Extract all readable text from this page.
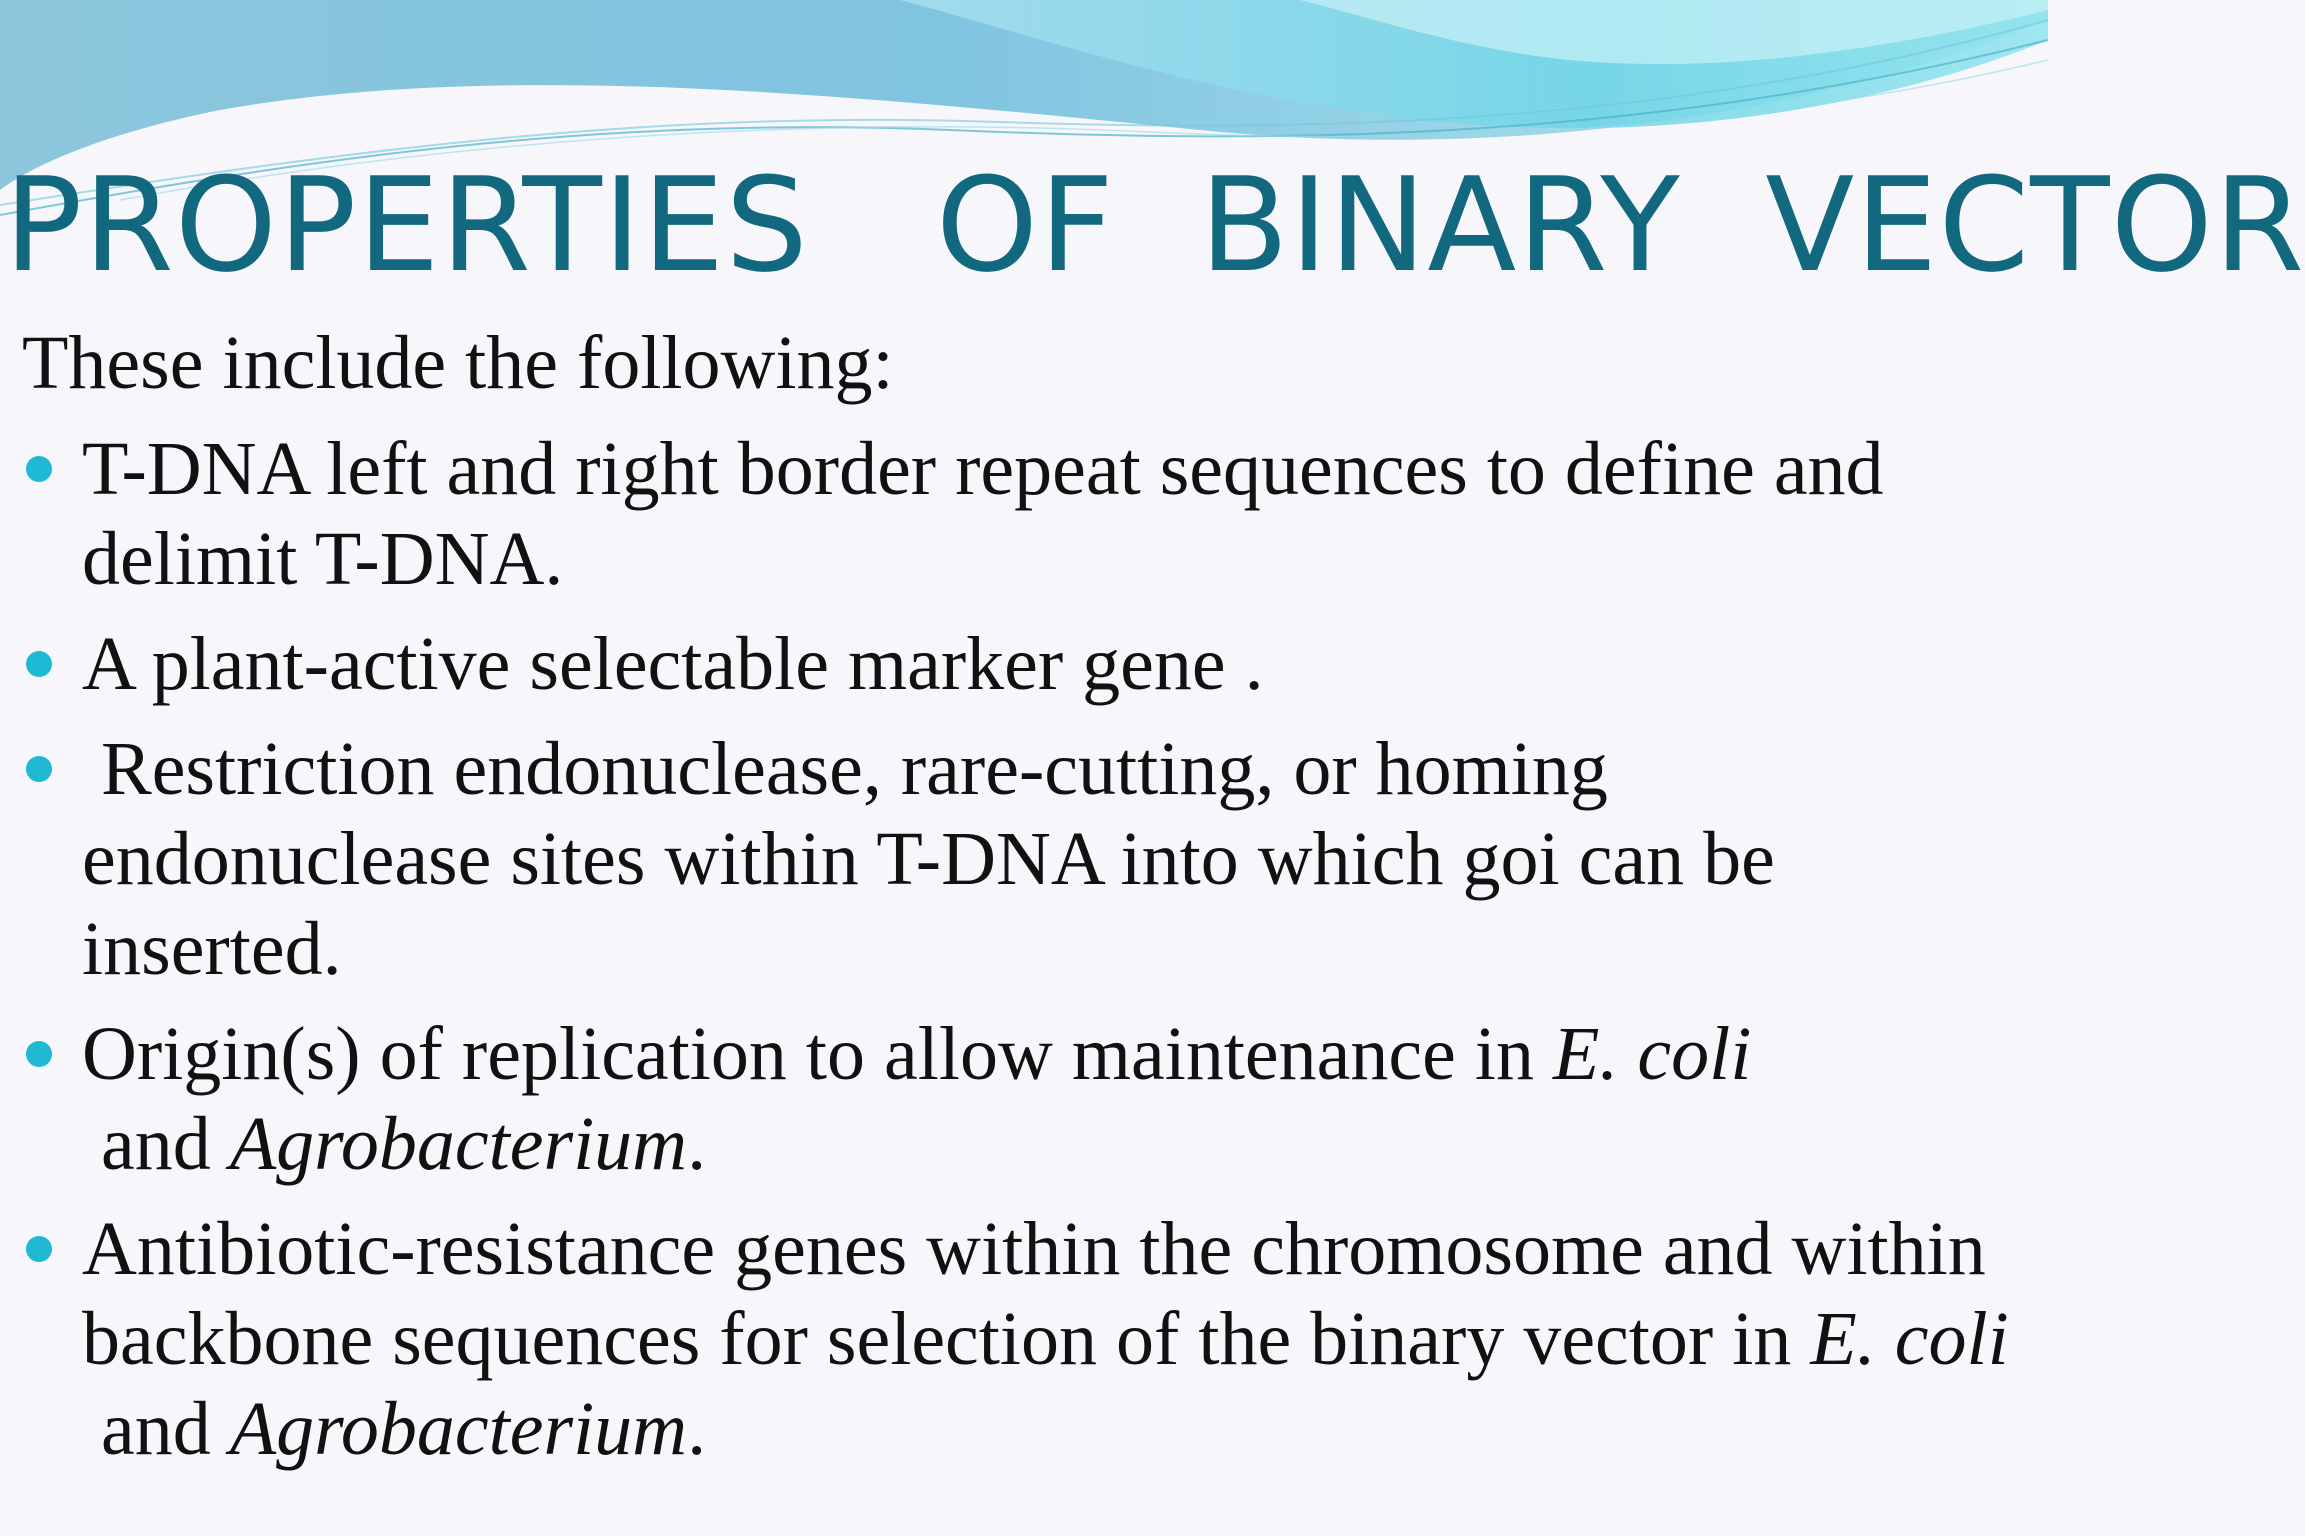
PROPERTIES   OF  BINARY  VECTOR

These include the following:

T-DNA left and right border repeat sequences to define and delimit T-DNA.
A plant-active selectable marker gene .
Restriction endonuclease, rare-cutting, or homing endonuclease sites within T-DNA into which goi can be inserted.
Origin(s) of replication to allow maintenance in E. coli and Agrobacterium.
Antibiotic-resistance genes within the chromosome and within backbone sequences for selection of the binary vector in E. coli and Agrobacterium.
